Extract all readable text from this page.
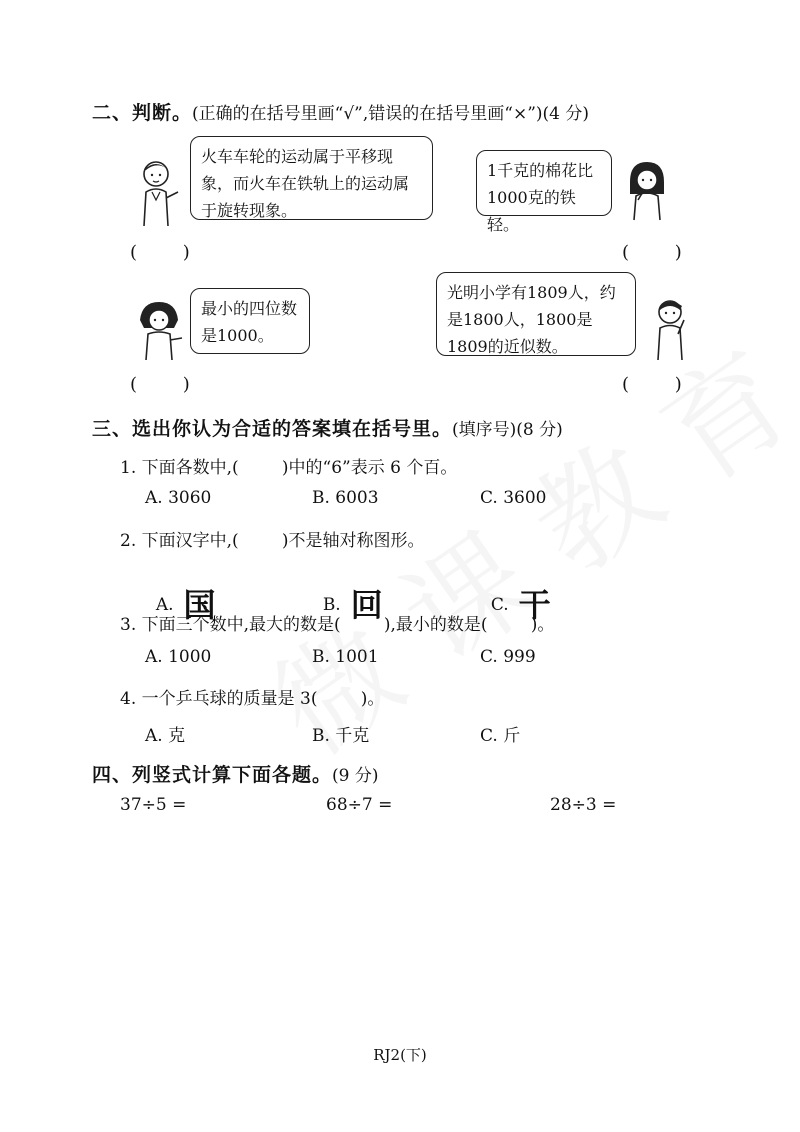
二、判断。(正确的在括号里画“√”,错误的在括号里画“×”)(4 分)
火车车轮的运动属于平移现象，而火车在铁轨上的运动属于旋转现象。
(        )
1千克的棉花比1000克的铁轻。
(        )
最小的四位数是1000。
(        )
光明小学有1809人，约是1800人，1800是1809的近似数。
(        )
三、选出你认为合适的答案填在括号里。(填序号)(8 分)
1. 下面各数中,(        )中的“6”表示 6 个百。
A. 3060	B. 6003	C. 3600
2. 下面汉字中,(        )不是轴对称图形。

A. 国	B. 回	C. 干

3. 下面三个数中,最大的数是(        ),最小的数是(        )。
A. 1000	B. 1001	C. 999
4. 一个乒乓球的质量是 3(        )。
A. 克	B. 千克	C. 斤
四、列竖式计算下面各题。(9 分)
37÷5 =	68÷7 =	28÷3 =
RJ2(下)
